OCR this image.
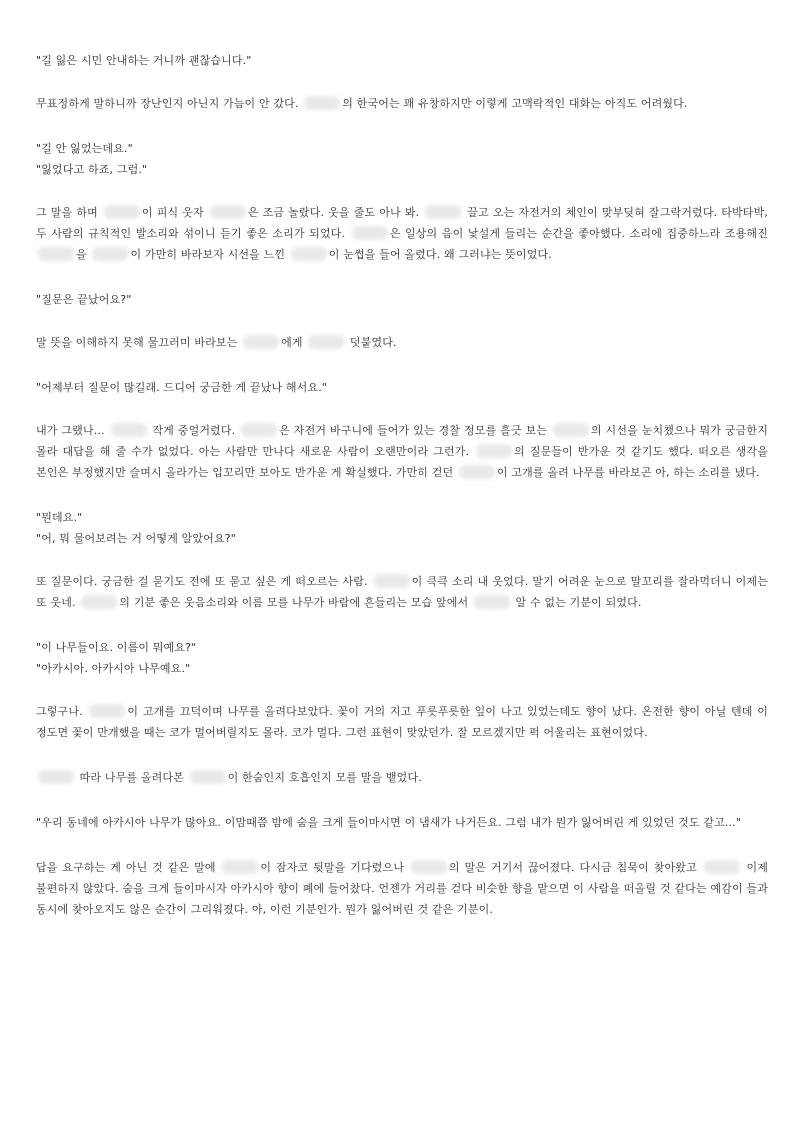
"길 잃은 시민 안내하는 거니까 괜찮습니다."

무표정하게 말하니까 장난인지 아닌지 가늠이 안 갔다.	의 한국어는 꽤 유창하지만 이렇게 고맥락적인 대화는 아직도 어려웠다.

"길 안 잃었는데요."
"잃었다고 하죠, 그럼."

그 말을 하며	이 피식 웃자	은 조금 놀랐다. 웃을 줄도 아나 봐.	끌고 오는 자전거의 체인이 맞부딪혀 잘그락거렸다. 타박타박, 두 사람의 규칙적인 발소리와 섞이니 듣기 좋은 소리가 되었다.	은 일상의 음이 낯설게 들리는 순간을 좋아했다. 소리에 집중하느라 조용해진 을	이 가만히 바라보자 시선을 느낀	이 눈썹을 들어 올렸다. 왜 그러냐는 뜻이었다.

"질문은 끝났어요?"

말 뜻을 이해하지 못해 물끄러미 바라보는	에게	덧붙였다.

"어제부터 질문이 많길래. 드디어 궁금한 게 끝났나 해서요."

내가 그랬나...	작게 중얼거렸다.	은 자전거 바구니에 들어가 있는 경찰 정모를 흘긋 보는	의 시선을 눈치챘으나 뭐가 궁금한지 몰라 대답을 해 줄 수가 없었다. 아는 사람만 만나다 새로운 사람이 오랜만이라 그런가.	의 질문들이 반가운 것 같기도 했다. 떠오른 생각을 본인은 부정했지만 슬며시 올라가는 입꼬리만 보아도 반가운 게 확실했다. 가만히 걷던	이 고개를 올려 나무를 바라보곤 아, 하는 소리를 냈다.

"뭔데요."
"어, 뭐 물어보려는 거 어떻게 알았어요?"

또 질문이다. 궁금한 걸 묻기도 전에 또 묻고 싶은 게 떠오르는 사람.	이 큭큭 소리 내 웃었다. 말기 어려운 눈으로 말꼬리를 잘라먹더니 이제는 또 웃네.	의 기분 좋은 웃음소리와 이름 모를 나무가 바람에 흔들리는 모습 앞에서	알 수 없는 기분이 되었다.

"이 나무들이요. 이름이 뭐예요?"
"아카시아. 아카시아 나무예요."

그렇구나.	이 고개를 끄덕이며 나무를 올려다보았다. 꽃이 거의 지고 푸릇푸릇한 잎이 나고 있었는데도 향이 났다. 온전한 향이 아닐 텐데 이 정도면 꽃이 만개했을 때는 코가 멀어버릴지도 몰라. 코가 멀다. 그런 표현이 맞았던가. 잘 모르겠지만 퍽 어울리는 표현이었다.

따라 나무를 올려다본	이 한숨인지 호흡인지 모를 말을 뱉었다.

"우리 동네에 아카시아 나무가 많아요. 이맘때쯤 밤에 숨을 크게 들이마시면 이 냄새가 나거든요. 그럼 내가 뭔가 잃어버린 게 있었던 것도 같고..."

답을 요구하는 게 아닌 것 같은 말에	이 잠자코 뒷말을 기다렸으나	의 말은 거기서 끊어졌다. 다시금 침묵이 찾아왔고	이제 불편하지 않았다. 숨을 크게 들이마시자 아카시아 향이 폐에 들어찼다. 언젠가 거리를 걷다 비슷한 향을 맡으면 이 사람을 떠올릴 것 같다는 예감이 들과 동시에 찾아오지도 않은 순간이 그리워졌다. 아, 이런 기분인가. 뭔가 잃어버린 것 같은 기분이.
